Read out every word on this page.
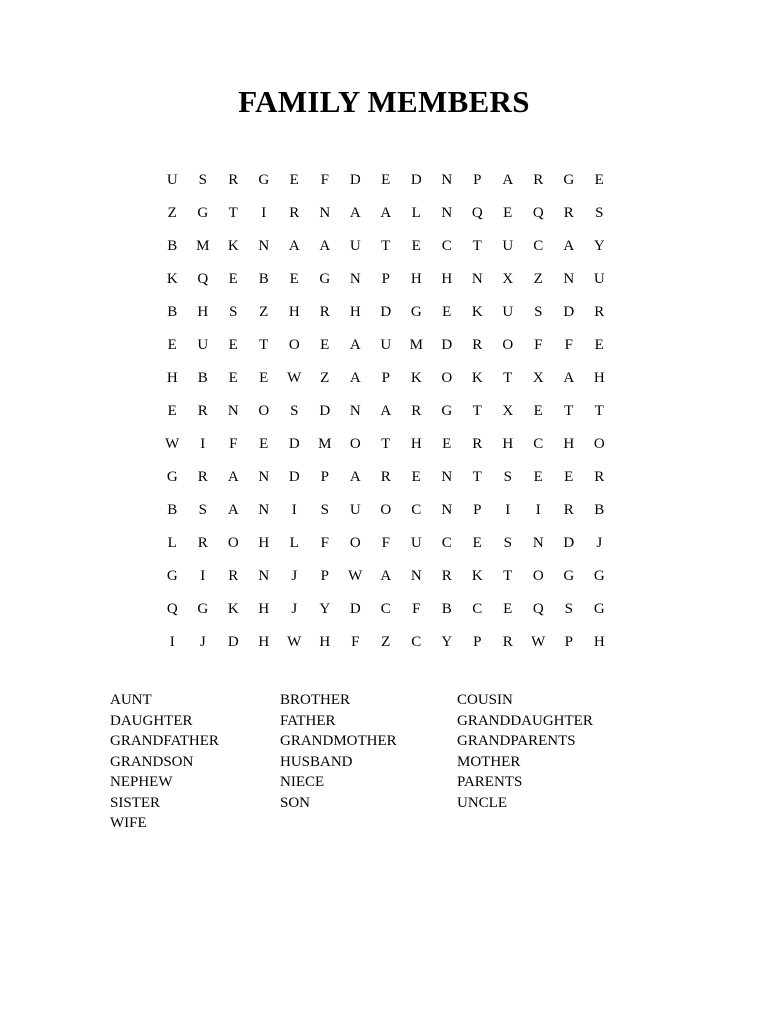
FAMILY MEMBERS
U	S	R	G	E	F	D	E	D	N	P	A	R	G	E
Z	G	T	I	R	N	A	A	L	N	Q	E	Q	R	S
B	M	K	N	A	A	U	T	E	C	T	U	C	A	Y
K	Q	E	B	E	G	N	P	H	H	N	X	Z	N	U
B	H	S	Z	H	R	H	D	G	E	K	U	S	D	R
E	U	E	T	O	E	A	U	M	D	R	O	F	F	E
H	B	E	E	W	Z	A	P	K	O	K	T	X	A	H
E	R	N	O	S	D	N	A	R	G	T	X	E	T	T
W	I	F	E	D	M	O	T	H	E	R	H	C	H	O
G	R	A	N	D	P	A	R	E	N	T	S	E	E	R
B	S	A	N	I	S	U	O	C	N	P	I	I	R	B
L	R	O	H	L	F	O	F	U	C	E	S	N	D	J
G	I	R	N	J	P	W	A	N	R	K	T	O	G	G
Q	G	K	H	J	Y	D	C	F	B	C	E	Q	S	G
I	J	D	H	W	H	F	Z	C	Y	P	R	W	P	H
AUNT	BROTHER	COUSIN
DAUGHTER	FATHER	GRANDDAUGHTER
GRANDFATHER	GRANDMOTHER	GRANDPARENTS
GRANDSON	HUSBAND	MOTHER
NEPHEW	NIECE	PARENTS
SISTER	SON	UNCLE
WIFE
